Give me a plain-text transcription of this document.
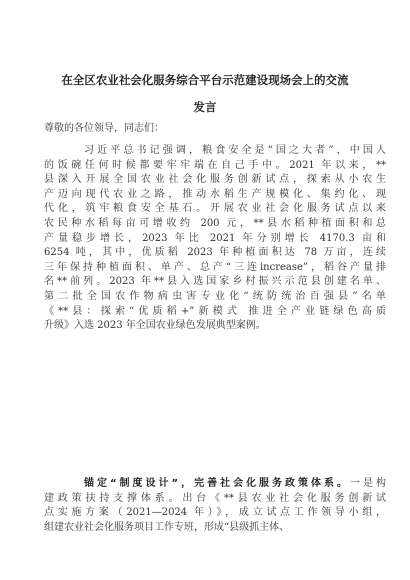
在全区农业社会化服务综合平台示范建设现场会上的交流
发言
尊敬的各位领导，同志们：
习近平总书记强调，粮食安全是“国之大者”，中国人
的饭碗任何时候都要牢牢端在自己手中。2021 年以来，**
县深入开展全国农业社会化服务创新试点，探索从小农生
产迈向现代农业之路，推动水稻生产规模化、集约化、现
代化，筑牢粮食安全基石。开展农业社会化服务试点以来
农民种水稻每亩可增收约 200 元，**县水稻种植面积和总
产量稳步增长，2023 年比 2021 年分别增长 4170.3 亩和
6254 吨，其中，优质稻 2023 年种植面积达 78 万亩，连续
三年保持种植面积、单产、总产“三连increase”，稻谷产量排
名**前列。2023 年**县入选国家乡村振兴示范县创建名单、
第二批全国农作物病虫害专业化“统防统治百强县”名单
《**县：探索“优质稻+”新模式 推进全产业链绿色高质
升级》入选 2023 年全国农业绿色发展典型案例。
锚定“制度设计”，完善社会化服务政策体系。一是构
建政策扶持支撑体系。出台《**县农业社会化服务创新试
点实施方案（2021—2024 年）》，成立试点工作领导小组，
组建农业社会化服务项目工作专班，形成“县级抓主体、
